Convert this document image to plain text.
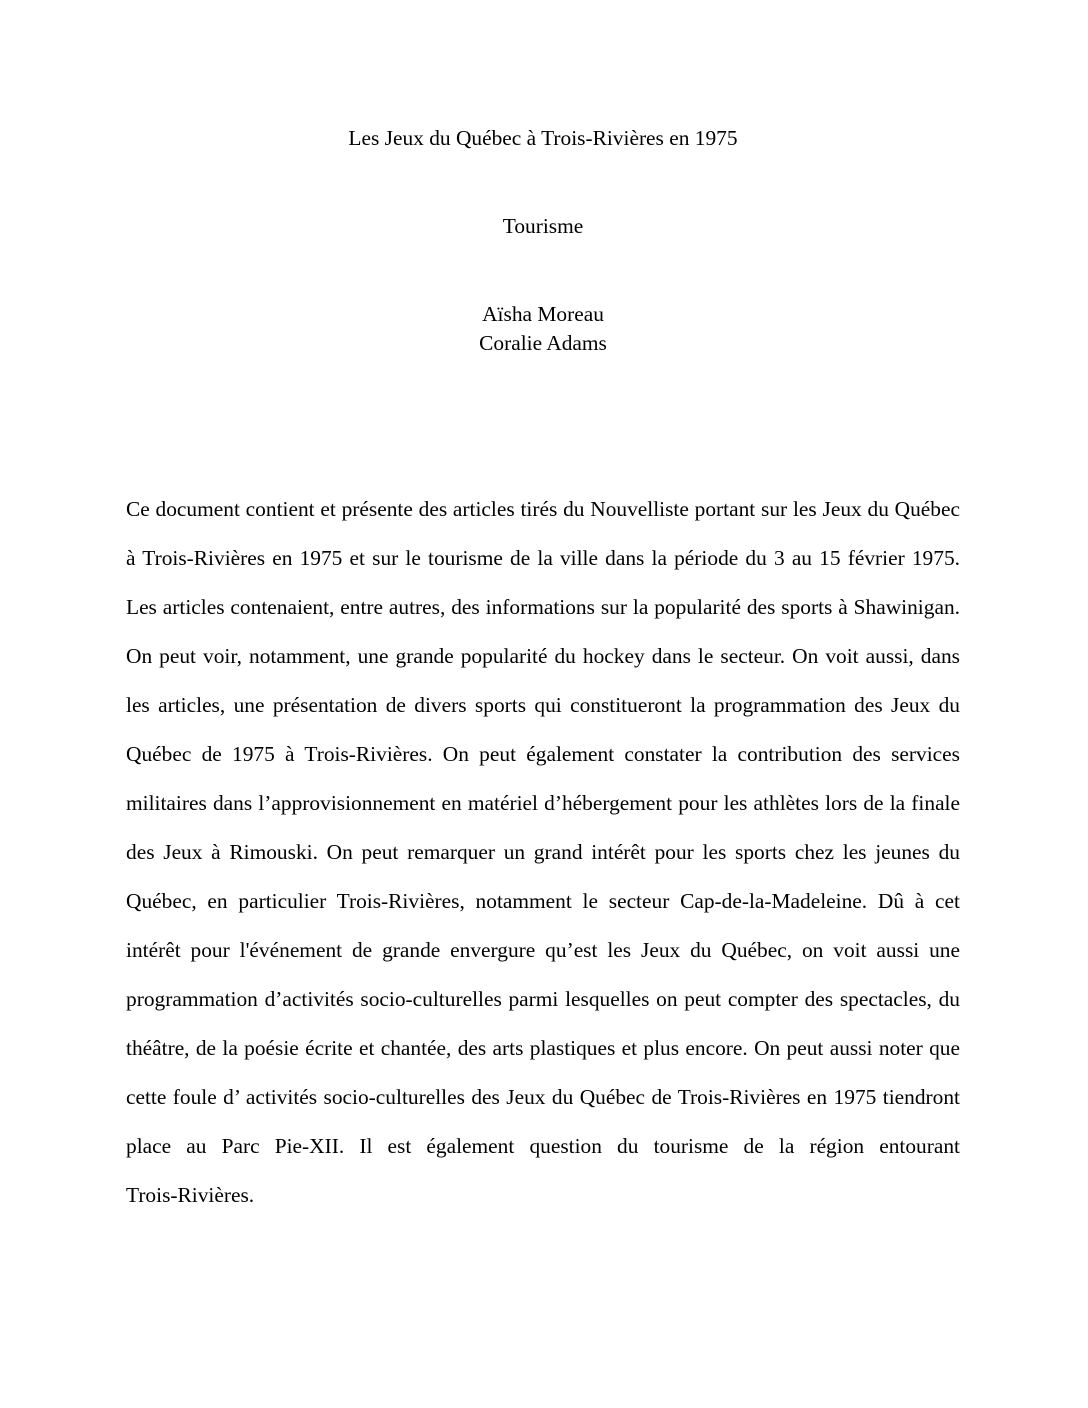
Les Jeux du Québec à Trois-Rivières en 1975
Tourisme
Aïsha Moreau
Coralie Adams
Ce document contient et présente des articles tirés du Nouvelliste portant sur les Jeux du Québec
à Trois-Rivières en 1975 et sur le tourisme de la ville dans la période du 3 au 15 février 1975.
Les articles contenaient, entre autres, des informations sur la popularité des sports à Shawinigan.
On peut voir, notamment, une grande popularité du hockey dans le secteur. On voit aussi, dans
les articles, une présentation de divers sports qui constitueront la programmation des Jeux du
Québec de 1975 à Trois-Rivières. On peut également constater la contribution des services
militaires dans l’approvisionnement en matériel d’hébergement pour les athlètes lors de la finale
des Jeux à Rimouski. On peut remarquer un grand intérêt pour les sports chez les jeunes du
Québec, en particulier Trois-Rivières, notamment le secteur Cap-de-la-Madeleine. Dû à cet
intérêt pour l'événement de grande envergure qu’est les Jeux du Québec, on voit aussi une
programmation d’activités socio-culturelles parmi lesquelles on peut compter des spectacles, du
théâtre, de la poésie écrite et chantée, des arts plastiques et plus encore. On peut aussi noter que
cette foule d’ activités socio-culturelles des Jeux du Québec de Trois-Rivières en 1975 tiendront
place au Parc Pie-XII. Il est également question du tourisme de la région entourant
Trois-Rivières.
